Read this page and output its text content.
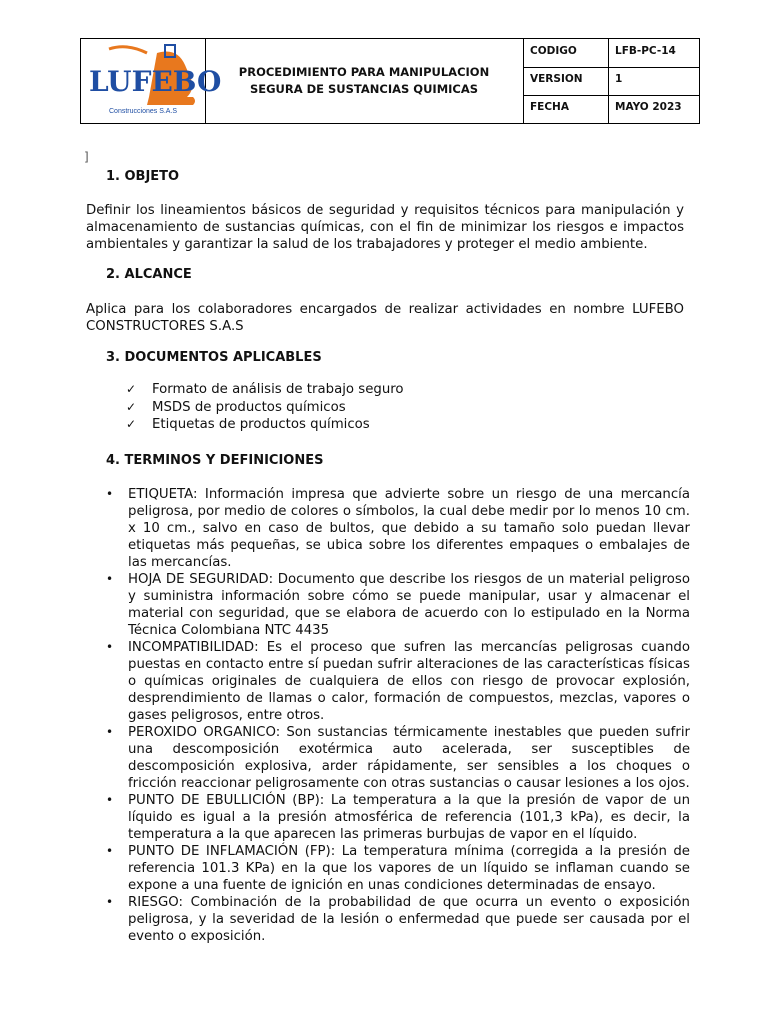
LUFEBO
Construcciones S.A.S
PROCEDIMIENTO PARA MANIPULACION SEGURA DE SUSTANCIAS QUIMICAS
CODIGO	LFB-PC-14
VERSION	1
FECHA	MAYO 2023
]
1. OBJETO
Definir los lineamientos básicos de seguridad y requisitos técnicos para manipulación y almacenamiento de sustancias químicas, con el fin de minimizar los riesgos e impactos ambientales y garantizar la salud de los trabajadores y proteger el medio ambiente.
2. ALCANCE
Aplica para los colaboradores encargados de realizar actividades en nombre LUFEBO CONSTRUCTORES S.A.S
3. DOCUMENTOS APLICABLES
✓	Formato de análisis de trabajo seguro
✓	MSDS de productos químicos
✓	Etiquetas de productos químicos
4. TERMINOS Y DEFINICIONES
• ETIQUETA: Información impresa que advierte sobre un riesgo de una mercancía peligrosa, por medio de colores o símbolos, la cual debe medir por lo menos 10 cm. x 10 cm., salvo en caso de bultos, que debido a su tamaño solo puedan llevar etiquetas más pequeñas, se ubica sobre los diferentes empaques o embalajes de las mercancías.
• HOJA DE SEGURIDAD: Documento que describe los riesgos de un material peligroso y suministra información sobre cómo se puede manipular, usar y almacenar el material con seguridad, que se elabora de acuerdo con lo estipulado en la Norma Técnica Colombiana NTC 4435
• INCOMPATIBILIDAD: Es el proceso que sufren las mercancías peligrosas cuando puestas en contacto entre sí puedan sufrir alteraciones de las características físicas o químicas originales de cualquiera de ellos con riesgo de provocar explosión, desprendimiento de llamas o calor, formación de compuestos, mezclas, vapores o gases peligrosos, entre otros.
• PEROXIDO ORGANICO: Son sustancias térmicamente inestables que pueden sufrir una descomposición exotérmica auto acelerada, ser susceptibles de descomposición explosiva, arder rápidamente, ser sensibles a los choques o fricción reaccionar peligrosamente con otras sustancias o causar lesiones a los ojos.
• PUNTO DE EBULLICIÓN (BP): La temperatura a la que la presión de vapor de un líquido es igual a la presión atmosférica de referencia (101,3 kPa), es decir, la temperatura a la que aparecen las primeras burbujas de vapor en el líquido.
• PUNTO DE INFLAMACIÓN (FP): La temperatura mínima (corregida a la presión de referencia 101.3 KPa) en la que los vapores de un líquido se inflaman cuando se expone a una fuente de ignición en unas condiciones determinadas de ensayo.
• RIESGO: Combinación de la probabilidad de que ocurra un evento o exposición peligrosa, y la severidad de la lesión o enfermedad que puede ser causada por el evento o exposición.
